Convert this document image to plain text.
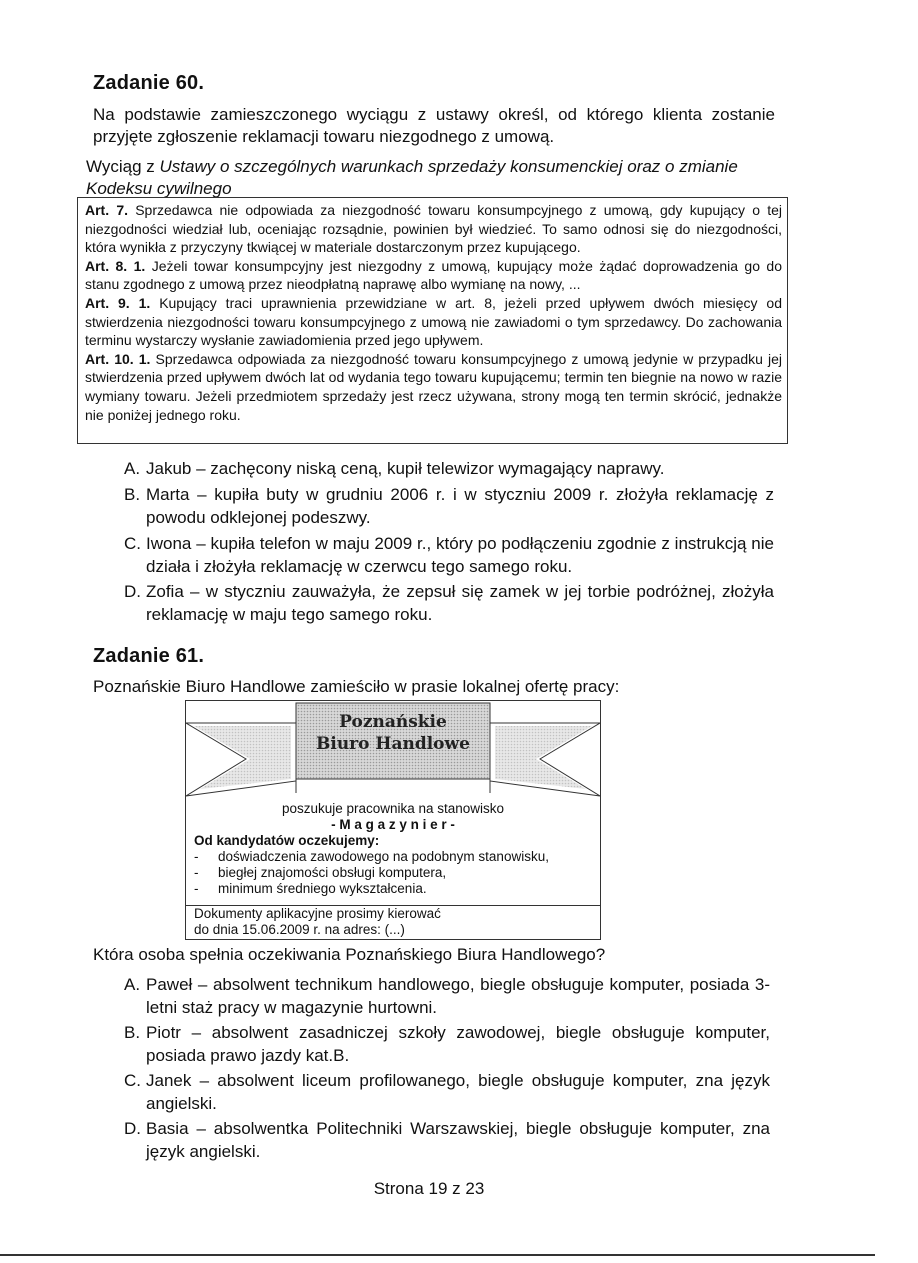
Zadanie 60.
Na podstawie zamieszczonego wyciągu z ustawy określ, od którego klienta zostanie przyjęte zgłoszenie reklamacji towaru niezgodnego z umową.
Wyciąg z Ustawy o szczególnych warunkach sprzedaży konsumenckiej oraz o zmianie Kodeksu cywilnego
Art. 7. Sprzedawca nie odpowiada za niezgodność towaru konsumpcyjnego z umową, gdy kupujący o tej niezgodności wiedział lub, oceniając rozsądnie, powinien był wiedzieć. To samo odnosi się do niezgodności, która wynikła z przyczyny tkwiącej w materiale dostarczonym przez kupującego.
Art. 8. 1. Jeżeli towar konsumpcyjny jest niezgodny z umową, kupujący może żądać doprowadzenia go do stanu zgodnego z umową przez nieodpłatną naprawę albo wymianę na nowy, ...
Art. 9. 1. Kupujący traci uprawnienia przewidziane w art. 8, jeżeli przed upływem dwóch miesięcy od stwierdzenia niezgodności towaru konsumpcyjnego z umową nie zawiadomi o tym sprzedawcy. Do zachowania terminu wystarczy wysłanie zawiadomienia przed jego upływem.
Art. 10. 1. Sprzedawca odpowiada za niezgodność towaru konsumpcyjnego z umową jedynie w przypadku jej stwierdzenia przed upływem dwóch lat od wydania tego towaru kupującemu; termin ten biegnie na nowo w razie wymiany towaru. Jeżeli przedmiotem sprzedaży jest rzecz używana, strony mogą ten termin skrócić, jednakże nie poniżej jednego roku.
A. Jakub – zachęcony niską ceną, kupił telewizor wymagający naprawy.
B. Marta – kupiła buty w grudniu 2006 r. i w styczniu 2009 r. złożyła reklamację z powodu odklejonej podeszwy.
C. Iwona – kupiła telefon w maju 2009 r., który po podłączeniu zgodnie z instrukcją nie działa i złożyła reklamację w czerwcu tego samego roku.
D. Zofia – w styczniu zauważyła, że zepsuł się zamek w jej torbie podróżnej, złożyła reklamację w maju tego samego roku.
Zadanie 61.
Poznańskie Biuro Handlowe zamieściło w prasie lokalnej ofertę pracy:
Poznańskie
Biuro Handlowe
poszukuje pracownika na stanowisko
- M a g a z y n i e r -
Od kandydatów oczekujemy:
-	doświadczenia zawodowego na podobnym stanowisku,
-	biegłej znajomości obsługi komputera,
-	minimum średniego wykształcenia.
Dokumenty aplikacyjne prosimy kierować
do dnia 15.06.2009 r. na adres: (...)
Która osoba spełnia oczekiwania Poznańskiego Biura Handlowego?
A. Paweł – absolwent technikum handlowego, biegle obsługuje komputer, posiada 3-letni staż pracy w magazynie hurtowni.
B. Piotr – absolwent zasadniczej szkoły zawodowej, biegle obsługuje komputer, posiada prawo jazdy kat.B.
C. Janek – absolwent liceum profilowanego, biegle obsługuje komputer, zna język angielski.
D. Basia – absolwentka Politechniki Warszawskiej, biegle obsługuje komputer, zna język angielski.
Strona 19 z 23
